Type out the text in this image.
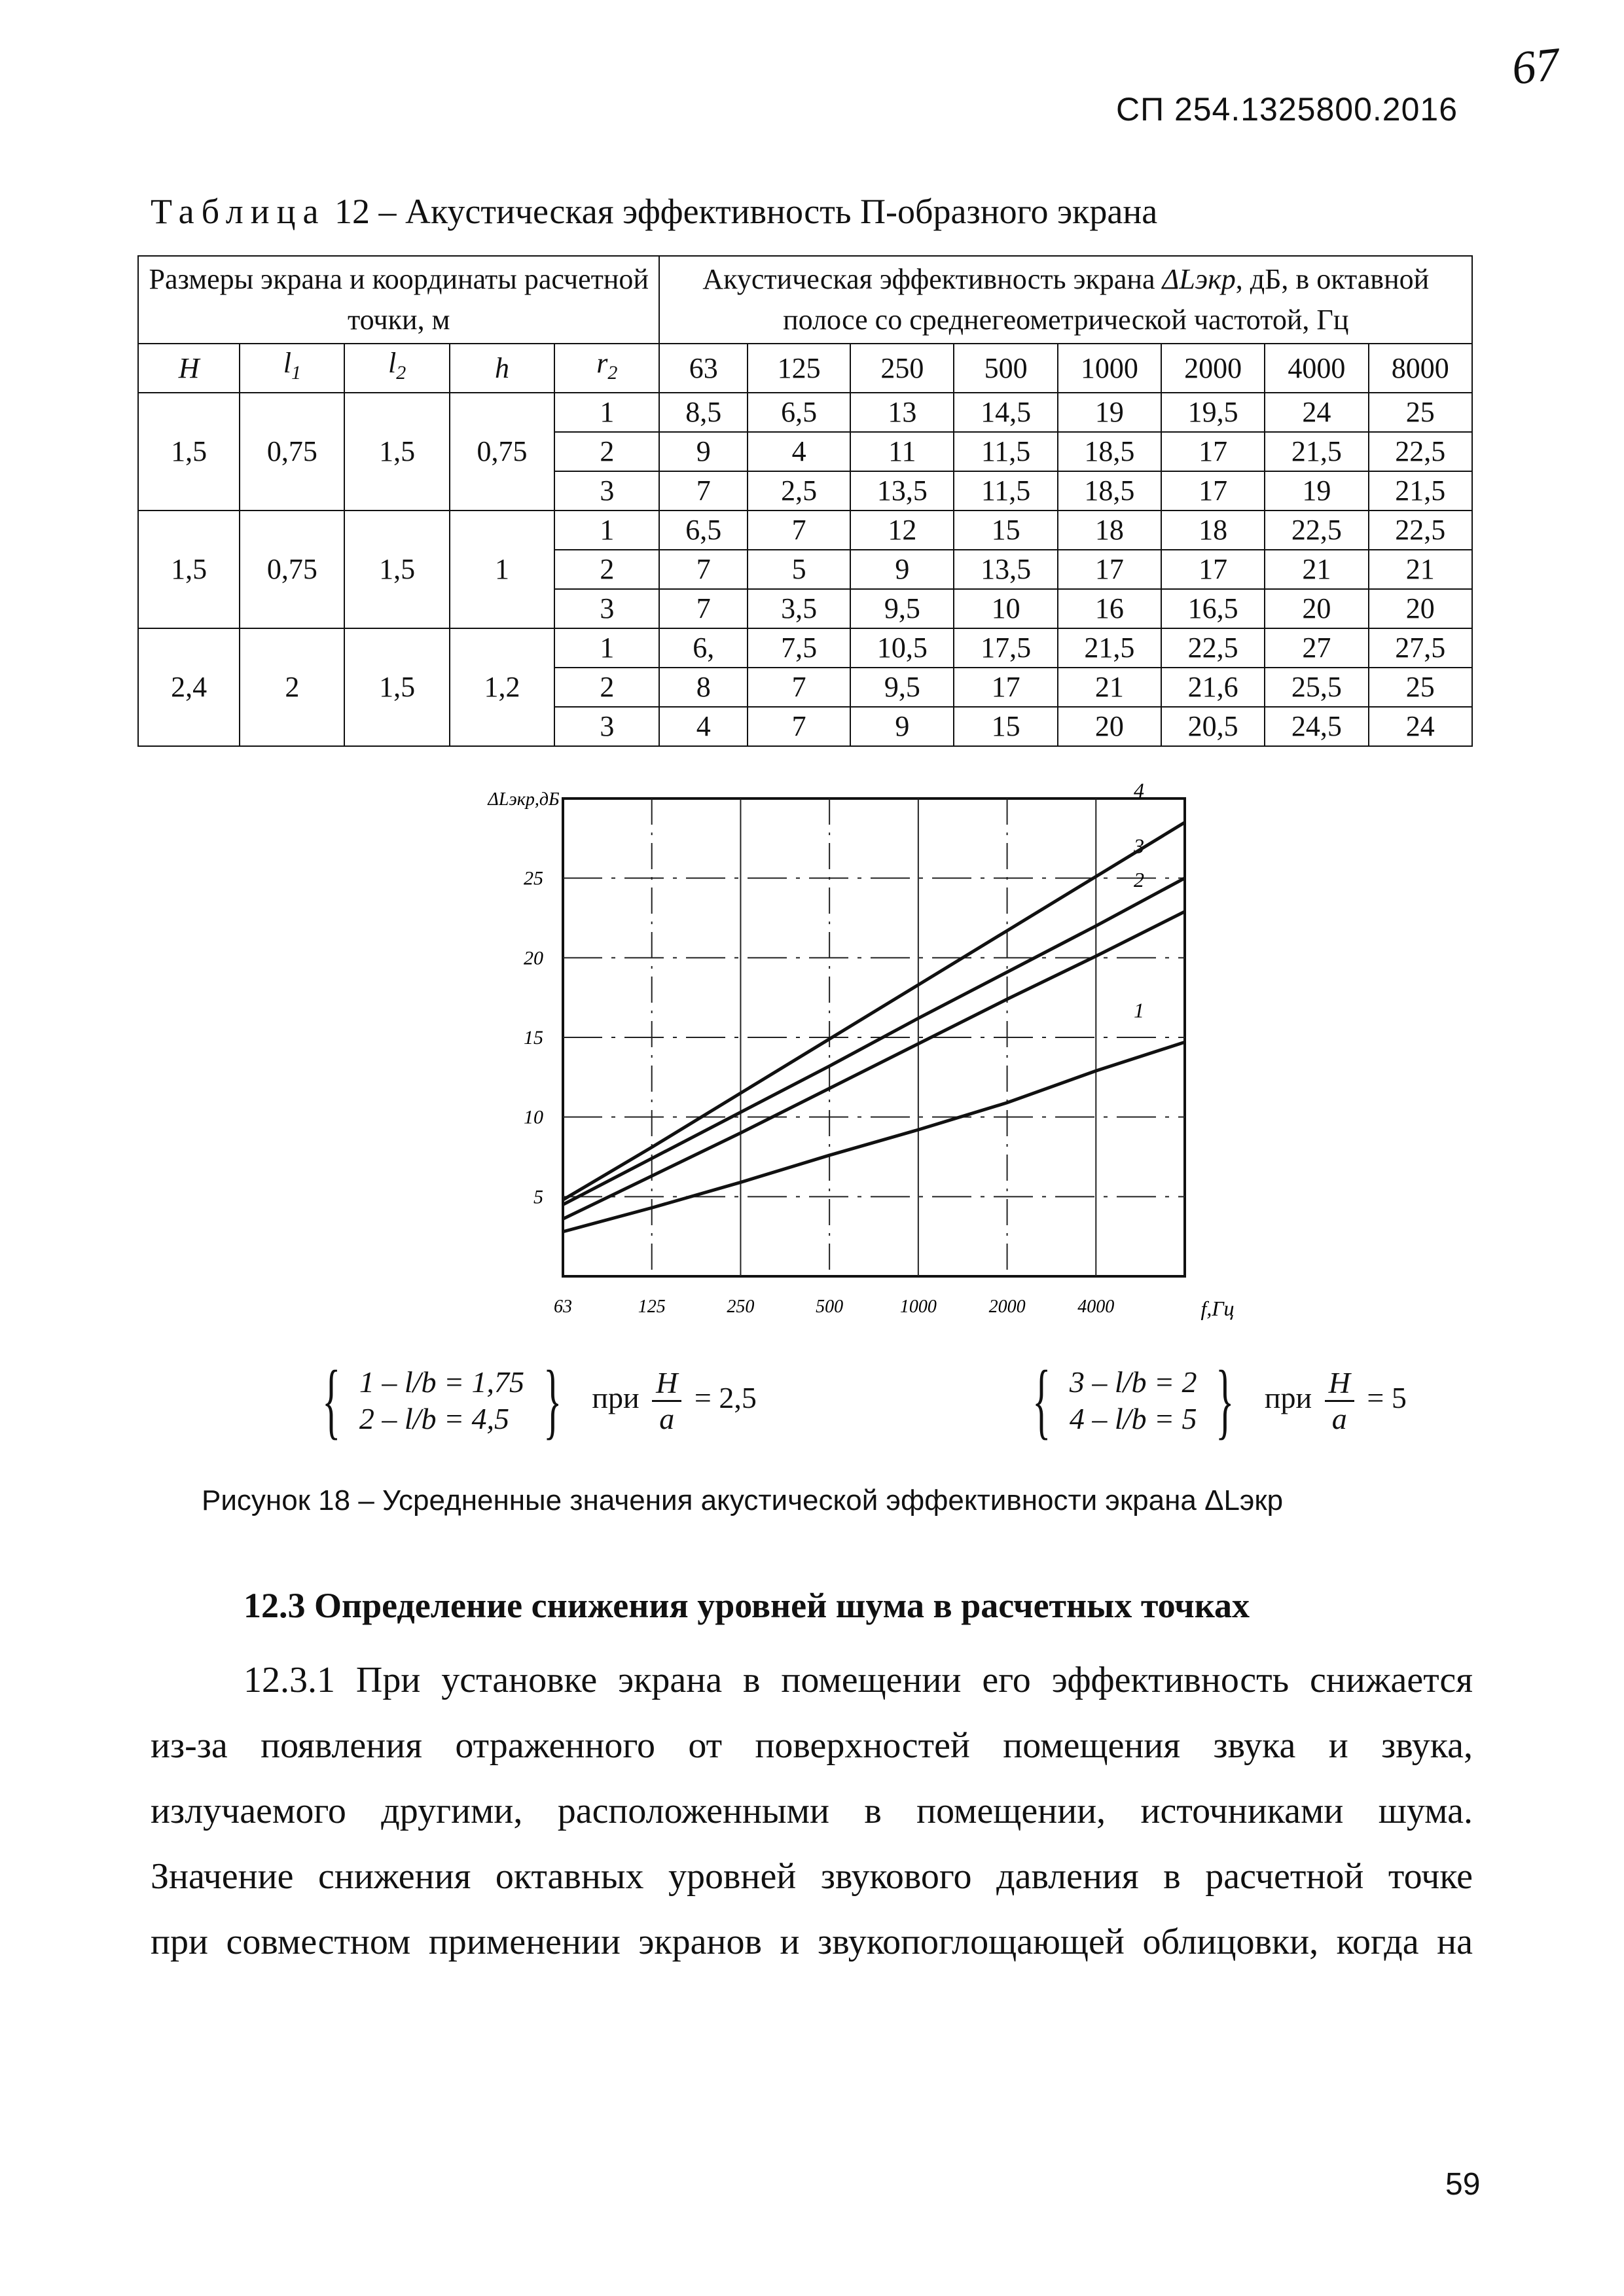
СП 254.1325800.2016
67
Таблица 12 – Акустическая эффективность П-образного экрана
Размеры экрана и координаты расчетной точки, м					Акустическая эффективность экрана ΔLэкр, дБ, в октавной полосе со среднегеометрической частотой, Гц							
H	$l_1$	$l_2$	h	$r_2$	63	125	250	500	1000	2000	4000	8000
1,5	0,75	1,5	0,75	1	8,5	6,5	13	14,5	19	19,5	24	25
				2	9	4	11	11,5	18,5	17	21,5	22,5
				3	7	2,5	13,5	11,5	18,5	17	19	21,5
1,5	0,75	1,5	1	1	6,5	7	12	15	18	18	22,5	22,5
				2	7	5	9	13,5	17	17	21	21
				3	7	3,5	9,5	10	16	16,5	20	20
2,4	2	1,5	1,2	1	6,	7,5	10,5	17,5	21,5	22,5	27	27,5
				2	8	7	9,5	17	21	21,6	25,5	25
				3	4	7	9	15	20	20,5	24,5	24
5
10
15
20
25
63	125	250	500	1000	2000	4000
ΔLэкр,дБ
f,Гц
1
2
3
4
{ 1 – l/b = 1,75
2 – l/b = 4,5 } при $\frac{H}{a} = 2,5$	{ 3 – l/b = 2
4 – l/b = 5 } при $\frac{H}{a} = 5$
Рисунок 18 – Усредненные значения акустической эффективности экрана ΔLэкр
12.3 Определение снижения уровней шума в расчетных точках
12.3.1 При установке экрана в помещении его эффективность снижается
из-за появления отраженного от поверхностей помещения звука и звука,
излучаемого другими, расположенными в помещении, источниками шума.
Значение снижения октавных уровней звукового давления в расчетной точке
при совместном применении экранов и звукопоглощающей облицовки, когда на
59
